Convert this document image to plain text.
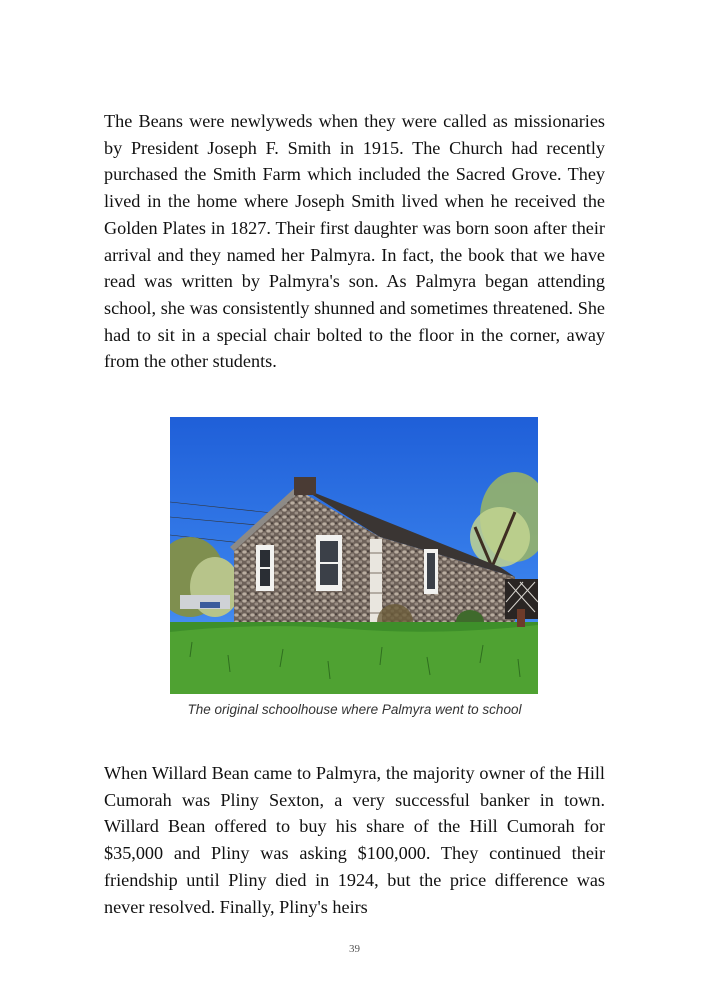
The Beans were newlyweds when they were called as missionaries by President Joseph F. Smith in 1915. The Church had recently purchased the Smith Farm which included the Sacred Grove. They lived in the home where Joseph Smith lived when he received the Golden Plates in 1827. Their first daughter was born soon after their arrival and they named her Palmyra. In fact, the book that we have read was written by Palmyra's son. As Palmyra began attending school, she was consistently shunned and sometimes threatened. She had to sit in a special chair bolted to the floor in the corner, away from the other students.

The original schoolhouse where Palmyra went to school

When Willard Bean came to Palmyra, the majority owner of the Hill Cumorah was Pliny Sexton, a very successful banker in town. Willard Bean offered to buy his share of the Hill Cumorah for $35,000 and Pliny was asking $100,000. They continued their friendship until Pliny died in 1924, but the price difference was never resolved. Finally, Pliny's heirs

39
